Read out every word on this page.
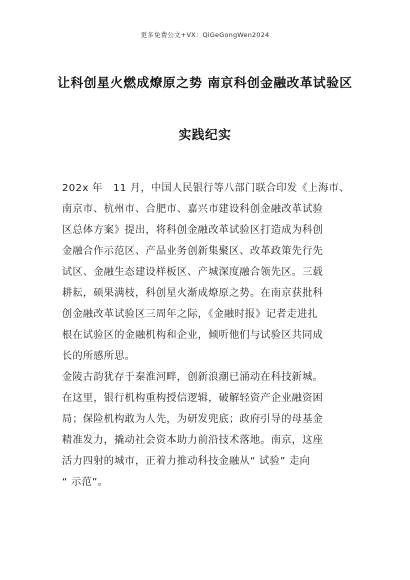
更多免费公文+VX：QiGeGongWen2024
让科创星火燃成燎原之势 南京科创金融改革试验区
实践纪实
202x 年　11 月，中国人民银行等八部门联合印发《上海市、
南京市、杭州市、合肥市、嘉兴市建设科创金融改革试验
区总体方案》提出，将科创金融改革试验区打造成为科创
金融合作示范区、产品业务创新集聚区、改革政策先行先
试区、金融生态建设样板区、产城深度融合领先区。三载
耕耘，硕果满枝，科创星火渐成燎原之势。在南京获批科
创金融改革试验区三周年之际，《金融时报》记者走进扎
根在试验区的金融机构和企业，倾听他们与试验区共同成
长的所感所思。
金陵古韵犹存于秦淮河畔，创新浪潮已涌动在科技新城。
在这里，银行机构重构授信逻辑，破解轻资产企业融资困
局；保险机构敢为人先，为研发兜底；政府引导的母基金
精准发力，撬动社会资本助力前沿技术落地。南京，这座
活力四射的城市，正着力推动科技金融从“ 试验” 走向
“ 示范”。
